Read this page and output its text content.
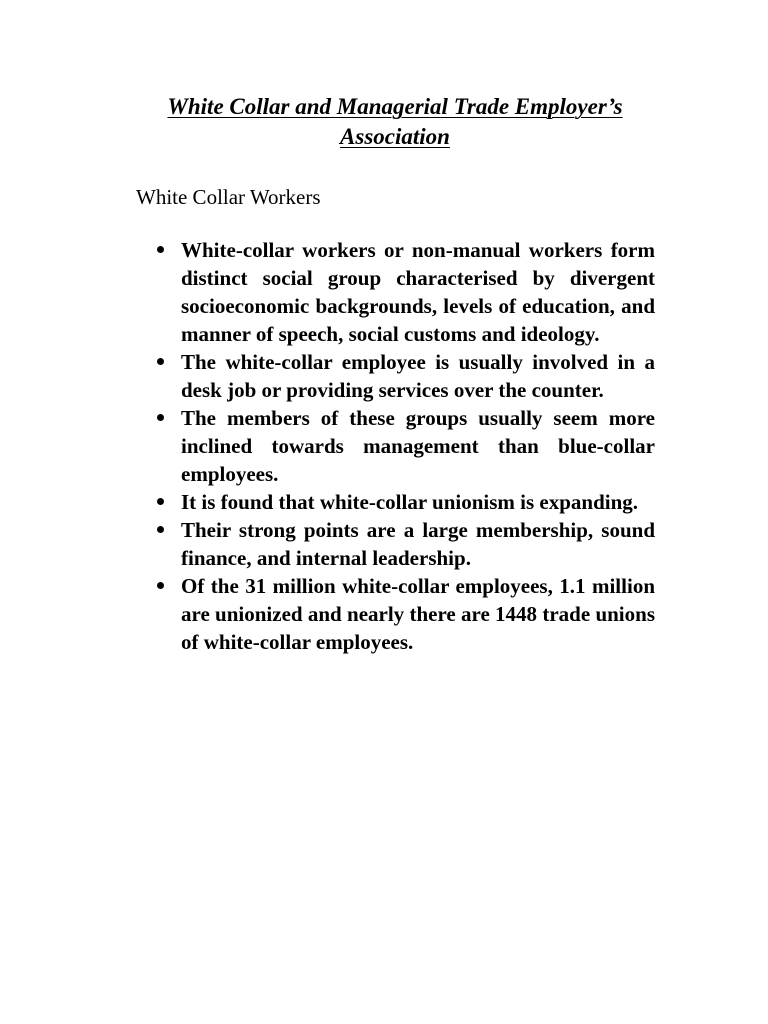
White Collar and Managerial Trade Employer’s
Association
White Collar Workers
White-collar workers or non-manual workers form distinct social group characterised by divergent socioeconomic backgrounds, levels of education, and manner of speech, social customs and ideology.
The white-collar employee is usually involved in a desk job or providing services over the counter.
The members of these groups usually seem more inclined towards management than blue-collar employees.
It is found that white-collar unionism is expanding.
Their strong points are a large membership, sound finance, and internal leadership.
Of the 31 million white-collar employees, 1.1 million are unionized and nearly there are 1448 trade unions of white-collar employees.
